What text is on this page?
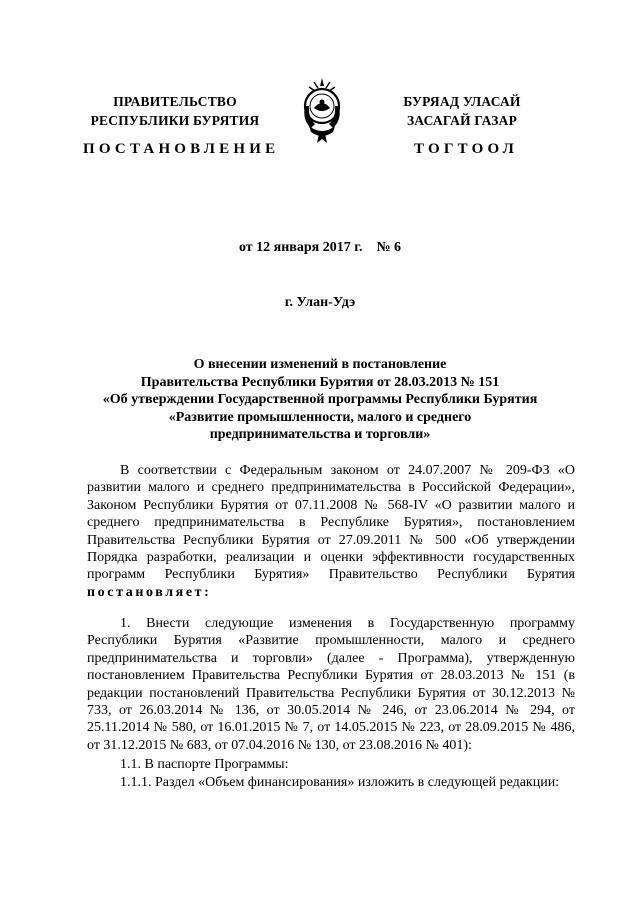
ПРАВИТЕЛЬСТВО
РЕСПУБЛИКИ БУРЯТИЯ
БУРЯАД УЛАСАЙ
ЗАСАГАЙ ГАЗАР
ПОСТАНОВЛЕНИЕ	ТОГТООЛ
от 12 января 2017 г.    № 6
г. Улан-Удэ
О внесении изменений в постановление
Правительства Республики Бурятия от 28.03.2013 № 151
«Об утверждении Государственной программы Республики Бурятия
«Развитие промышленности, малого и среднего
предпринимательства и торговли»

В соответствии с Федеральным законом от 24.07.2007 № 209-ФЗ «О развитии малого и среднего предпринимательства в Российской Федерации», Законом Республики Бурятия от 07.11.2008 № 568-IV «О развитии малого и среднего предпринимательства в Республике Бурятия», постановлением Правительства Республики Бурятия от 27.09.2011 № 500 «Об утверждении Порядка разработки, реализации и оценки эффективности государственных программ Республики Бурятия» Правительство Республики Бурятия постановляет:

1. Внести следующие изменения в Государственную программу Республики Бурятия «Развитие промышленности, малого и среднего предпринимательства и торговли» (далее - Программа), утвержденную постановлением Правительства Республики Бурятия от 28.03.2013 № 151 (в редакции постановлений Правительства Республики Бурятия от 30.12.2013 № 733, от 26.03.2014 № 136, от 30.05.2014 № 246, от 23.06.2014 № 294, от 25.11.2014 № 580, от 16.01.2015 № 7, от 14.05.2015 № 223, от 28.09.2015 № 486, от 31.12.2015 № 683, от 07.04.2016 № 130, от 23.08.2016 № 401):

1.1. В паспорте Программы:

1.1.1. Раздел «Объем финансирования» изложить в следующей редакции:
